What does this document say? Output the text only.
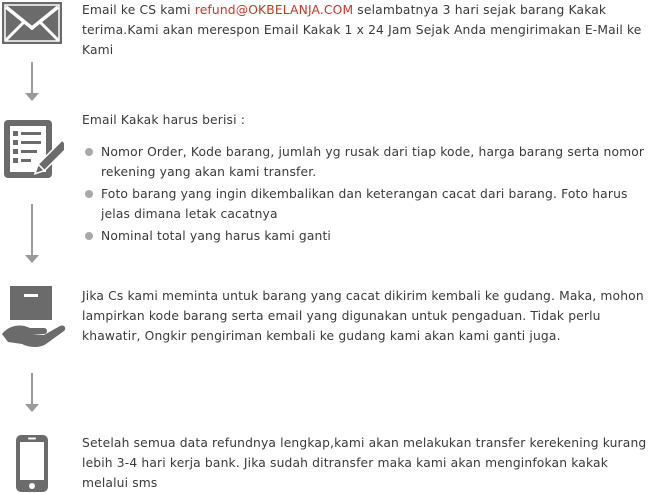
Email ke CS kami refund@OKBELANJA.COM selambatnya 3 hari sejak barang Kakak terima.Kami akan merespon Email Kakak 1 x 24 Jam Sejak Anda mengirimakan E-Mail ke Kami

Email Kakak harus berisi :

Nomor Order, Kode barang, jumlah yg rusak dari tiap kode, harga barang serta nomor rekening yang akan kami transfer.
Foto barang yang ingin dikembalikan dan keterangan cacat dari barang. Foto harus jelas dimana letak cacatnya
Nominal total yang harus kami ganti

Jika Cs kami meminta untuk barang yang cacat dikirim kembali ke gudang. Maka, mohon lampirkan kode barang serta email yang digunakan untuk pengaduan. Tidak perlu khawatir, Ongkir pengiriman kembali ke gudang kami akan kami ganti juga.

Setelah semua data refundnya lengkap,kami akan melakukan transfer kerekening kurang lebih 3-4 hari kerja bank. Jika sudah ditransfer maka kami akan menginfokan kakak melalui sms
